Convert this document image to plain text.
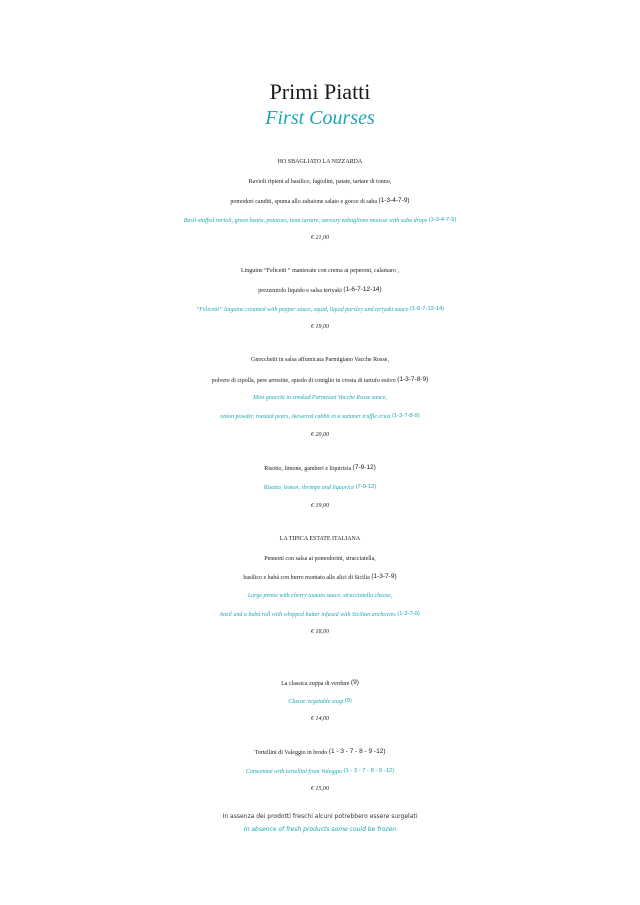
Primi Piatti
First Courses
HO SBAGLIATO LA NIZZARDA
Ravioli ripieni al basilico, fagiolini, patate, tartare di tonno,
pomodori canditi, spuma allo zabaione salato e gocce di saba (1-3-4-7-9)
Basil-stuffed ravioli, green beans, potatoes, tuna tartare, savoury zabaglione mousse with saba drops (1-3-4-7-9)
€ 21,00
Linguine “Felicetti “ mantecate con crema ai peperoni, calamaro ,
prezzemolo liquido e salsa teriyaki (1-6-7-12-14)
“Felicetti” linguine creamed with pepper sauce, squid, liquid parsley and teriyaki sauce (1-6-7-12-14)
€ 19,00
Gnocchetti in salsa affumicata Parmigiano Vacche Rosse,
polvere di cipolla, pere arrostite, spiedo di coniglio in crosta di tartufo estivo (1-3-7-8-9)
Mini gnocchi in smoked Parmesan Vacche Rosse sauce,
onion powder, roasted pears, skewered rabbit in a summer truffle crust (1-3-7-8-9)
€ 20,00
Risotto, limone, gamberi e liquirizia (7-9-12)
Risotto, lemon, shrimps and liquorice (7-9-12)
€ 19,00
LA TIPICA ESTATE ITALIANA
Pennoni con salsa ai pomodorini, stracciatella,
basilico e babà con burro montato alle alici di Sicilia (1-3-7-9)
Large penne with cherry tomato sauce, stracciatella cheese,
basil and a babà roll with whipped butter infused with Sicilian anchovies (1-3-7-9)
€ 18,00
La classica zuppa di verdure (9)
Classic vegetable soup (9)
€ 14,00
Tortellini di Valeggio in brodo (1 - 3 - 7 - 8 - 9 -12)
Consommé with tortellini from Valeggio (1 - 3 - 7 - 8 - 9 -12)
€ 15,00
In assenza dei prodotti freschi alcuni potrebbero essere surgelati
In absence of fresh products some could be frozen
